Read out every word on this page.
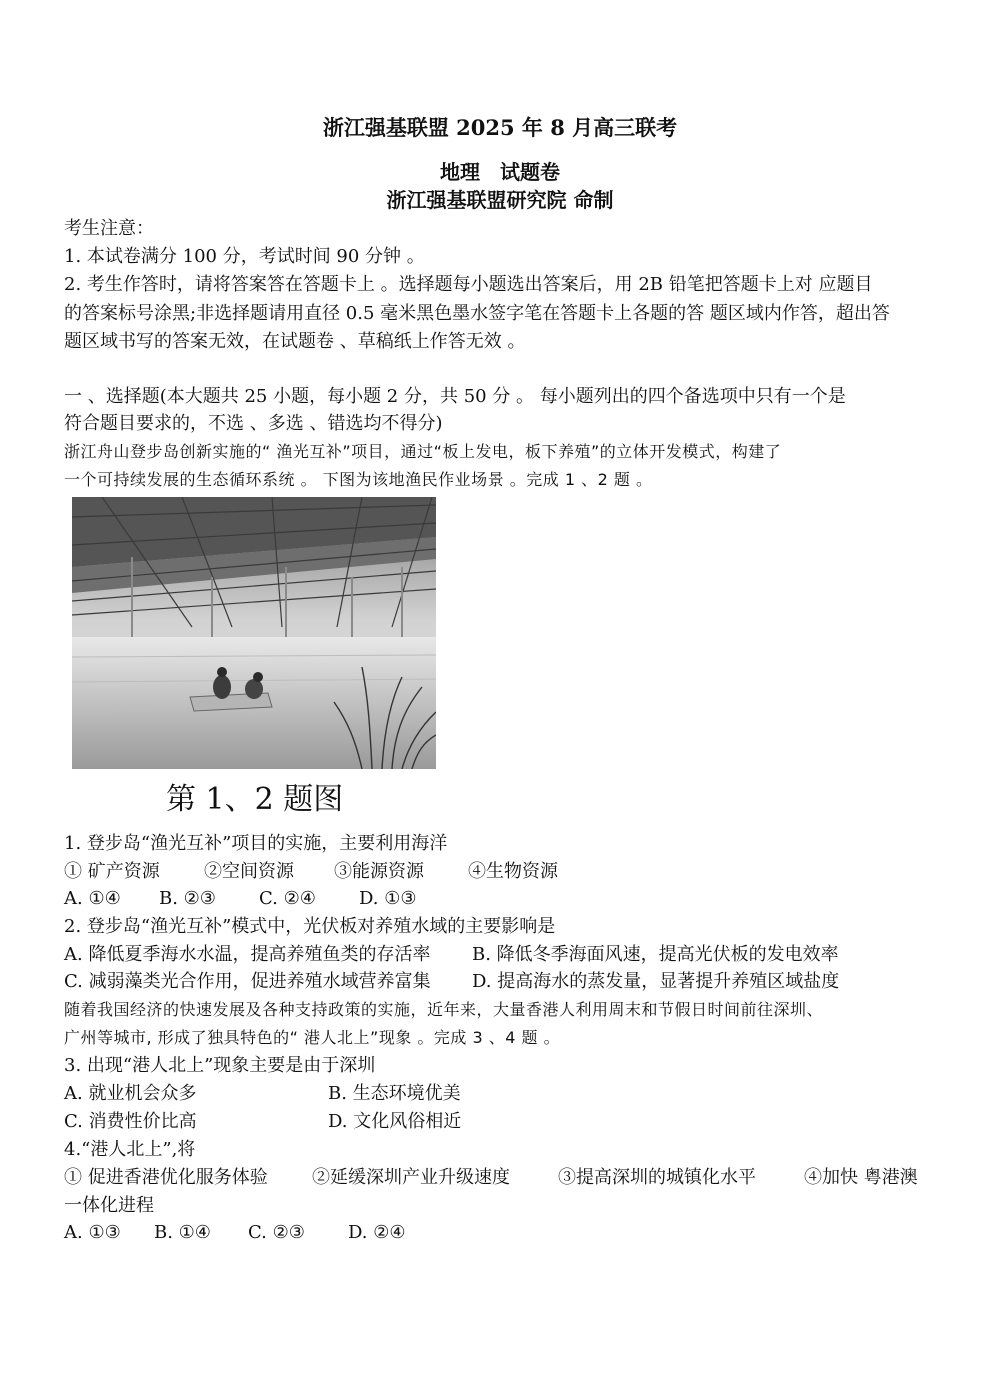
浙江强基联盟 2025 年 8 月高三联考
地理　试题卷
浙江强基联盟研究院 命制
考生注意：
1. 本试卷满分 100 分，考试时间 90 分钟 。
2. 考生作答时，请将答案答在答题卡上 。选择题每小题选出答案后，用 2B 铅笔把答题卡上对 应题目
的答案标号涂黑;非选择题请用直径 0.5 毫米黑色墨水签字笔在答题卡上各题的答 题区域内作答，超出答
题区域书写的答案无效，在试题卷 、草稿纸上作答无效 。
一 、选择题(本大题共 25 小题，每小题 2 分，共 50 分 。 每小题列出的四个备选项中只有一个是
符合题目要求的，不选 、多选 、错选均不得分)
浙江舟山登步岛创新实施的“ 渔光互补”项目，通过“板上发电，板下养殖”的立体开发模式，构建了
一个可持续发展的生态循环系统 。 下图为该地渔民作业场景 。完成 1 、2 题 。
第 1、2 题图
1. 登步岛“渔光互补”项目的实施，主要利用海洋
① 矿产资源 ②空间资源 ③能源资源 ④生物资源
A. ①④ B. ②③ C. ②④ D. ①③
2. 登步岛“渔光互补”模式中，光伏板对养殖水域的主要影响是
A. 降低夏季海水水温，提高养殖鱼类的存活率 B. 降低冬季海面风速，提高光伏板的发电效率
C. 减弱藻类光合作用，促进养殖水域营养富集 D. 提高海水的蒸发量，显著提升养殖区域盐度
随着我国经济的快速发展及各种支持政策的实施，近年来，大量香港人利用周末和节假日时间前往深圳、
广州等城市, 形成了独具特色的“ 港人北上”现象 。完成 3 、4 题 。
3. 出现“港人北上”现象主要是由于深圳
A. 就业机会众多	B. 生态环境优美
C. 消费性价比高	D. 文化风俗相近
4.“港人北上”,将
① 促进香港优化服务体验 ②延缓深圳产业升级速度	③提高深圳的城镇化水平	④加快 粤港澳
一体化进程
A. ①③ B. ①④ C. ②③ D. ②④
